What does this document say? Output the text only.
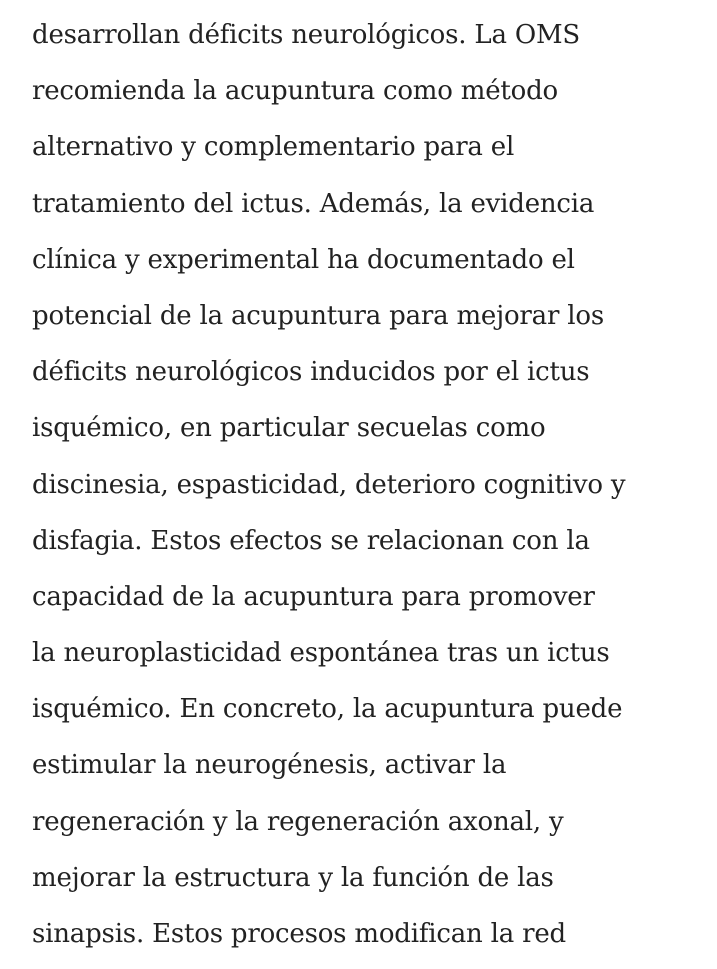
desarrollan déficits neurológicos. La OMS
recomienda la acupuntura como método
alternativo y complementario para el
tratamiento del ictus. Además, la evidencia
clínica y experimental ha documentado el
potencial de la acupuntura para mejorar los
déficits neurológicos inducidos por el ictus
isquémico, en particular secuelas como
discinesia, espasticidad, deterioro cognitivo y
disfagia. Estos efectos se relacionan con la
capacidad de la acupuntura para promover
la neuroplasticidad espontánea tras un ictus
isquémico. En concreto, la acupuntura puede
estimular la neurogénesis, activar la
regeneración y la regeneración axonal, y
mejorar la estructura y la función de las
sinapsis. Estos procesos modifican la red
